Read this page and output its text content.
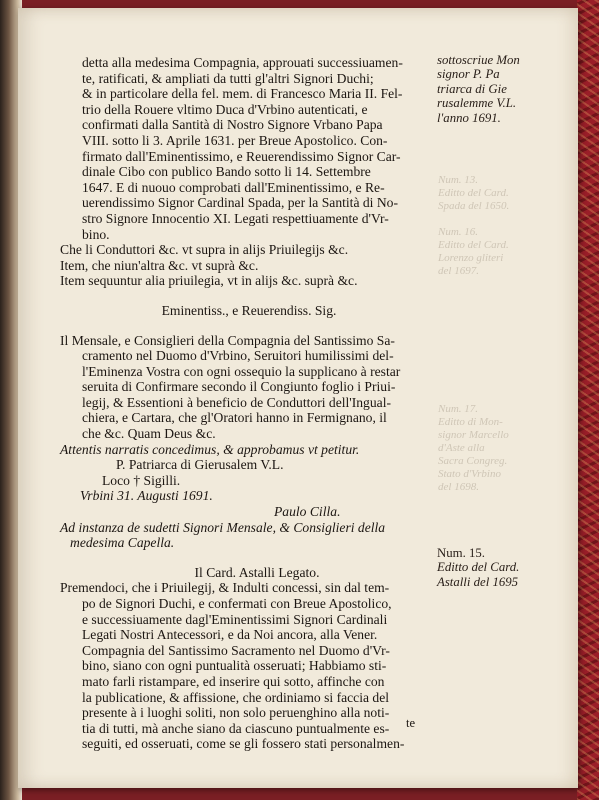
Num. 13.
Editto del Card.
Spada del 1650.

Num. 16.
Editto del Card.
Lorenzo gliteri
del 1697.
Num. 17.
Editto di Mon-
signor Marcello
d'Aste alla
Sacra Congreg.
Stato d'Vrbino
del 1698.
sottoscriue Mon
signor P. Pa
triarca di Gie
rusalemme V.L.
l'anno 1691.
Num. 15.
Editto del Card.
Astalli del 1695
detta alla medesima Compagnia, approuati successiuamen-
te, ratificati, & ampliati da tutti gl'altri Signori Duchi;
& in particolare della fel. mem. di Francesco Maria II. Fel-
trio della Rouere vltimo Duca d'Vrbino autenticati, e
confirmati dalla Santità di Nostro Signore Vrbano Papa
VIII. sotto li 3. Aprile 1631. per Breue Apostolico. Con-
firmato dall'Eminentissimo, e Reuerendissimo Signor Car-
dinale Cibo con publico Bando sotto li 14. Settembre
1647. E di nuouo comprobati dall'Eminentissimo, e Re-
uerendissimo Signor Cardinal Spada, per la Santità di No-
stro Signore Innocentio XI. Legati respettiuamente d'Vr-
bino.
Che li Conduttori &c. vt supra in alijs Priuilegijs &c.
Item, che niun'altra &c. vt suprà &c.
Item sequuntur alia priuilegia, vt in alijs &c. suprà &c.
Eminentiss., e Reuerendiss. Sig.
Il Mensale, e Consiglieri della Compagnia del Santissimo Sa-
cramento nel Duomo d'Vrbino, Seruitori humilissimi del-
l'Eminenza Vostra con ogni ossequio la supplicano à restar
seruita di Confirmare secondo il Congiunto foglio i Priui-
legij, & Essentioni à beneficio de Conduttori dell'Ingual-
chiera, e Cartara, che gl'Oratori hanno in Fermignano, il
che &c. Quam Deus &c.
Attentis narratis concedimus, & approbamus vt petitur.
P. Patriarca di Gierusalem V.L.
Loco † Sigilli.
Vrbini 31. Augusti 1691.
Paulo Cilla.
Ad instanza de sudetti Signori Mensale, & Consiglieri della
medesima Capella.
Il Card. Astalli Legato.
Premendoci, che i Priuilegij, & Indulti concessi, sin dal tem-
po de Signori Duchi, e confermati con Breue Apostolico,
e successiuamente dagl'Eminentissimi Signori Cardinali
Legati Nostri Antecessori, e da Noi ancora, alla Vener.
Compagnia del Santissimo Sacramento nel Duomo d'Vr-
bino, siano con ogni puntualità osseruati; Habbiamo sti-
mato farli ristampare, ed inserire qui sotto, affinche con
la publicatione, & affissione, che ordiniamo si faccia del
presente à i luoghi soliti, non solo peruenghino alla noti-
tia di tutti, mà anche siano da ciascuno puntualmente es-
seguiti, ed osseruati, come se gli fossero stati personalmen-
te
